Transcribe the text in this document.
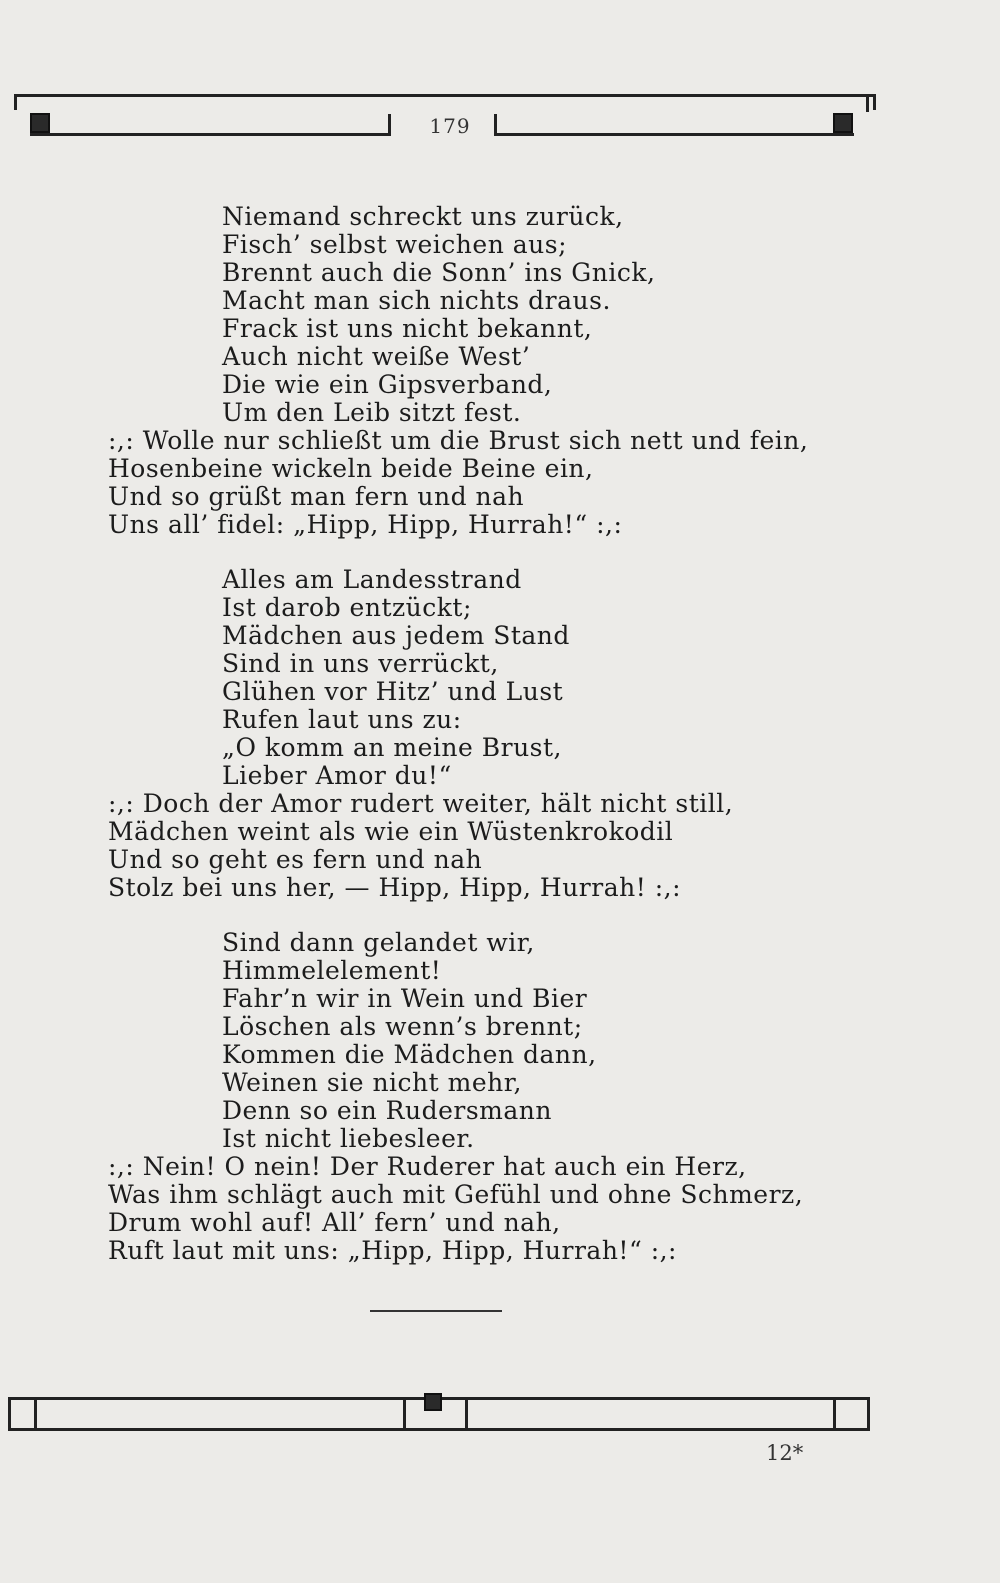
179
Niemand schreckt uns zurück,
Fisch’ selbst weichen aus;
Brennt auch die Sonn’ ins Gnick,
Macht man sich nichts draus.
Frack ist uns nicht bekannt,
Auch nicht weiße West’
Die wie ein Gipsverband,
Um den Leib sitzt fest.
:,: Wolle nur schließt um die Brust sich nett und fein,
Hosenbeine wickeln beide Beine ein,
Und so grüßt man fern und nah
Uns all’ fidel: „Hipp, Hipp, Hurrah!“ :,:
Alles am Landesstrand
Ist darob entzückt;
Mädchen aus jedem Stand
Sind in uns verrückt,
Glühen vor Hitz’ und Lust
Rufen laut uns zu:
„O komm an meine Brust,
Lieber Amor du!“
:,: Doch der Amor rudert weiter, hält nicht still,
Mädchen weint als wie ein Wüstenkrokodil
Und so geht es fern und nah
Stolz bei uns her, — Hipp, Hipp, Hurrah! :,:
Sind dann gelandet wir,
Himmelelement!
Fahr’n wir in Wein und Bier
Löschen als wenn’s brennt;
Kommen die Mädchen dann,
Weinen sie nicht mehr,
Denn so ein Rudersmann
Ist nicht liebesleer.
:,: Nein! O nein! Der Ruderer hat auch ein Herz,
Was ihm schlägt auch mit Gefühl und ohne Schmerz,
Drum wohl auf! All’ fern’ und nah,
Ruft laut mit uns: „Hipp, Hipp, Hurrah!“ :,:
12*
